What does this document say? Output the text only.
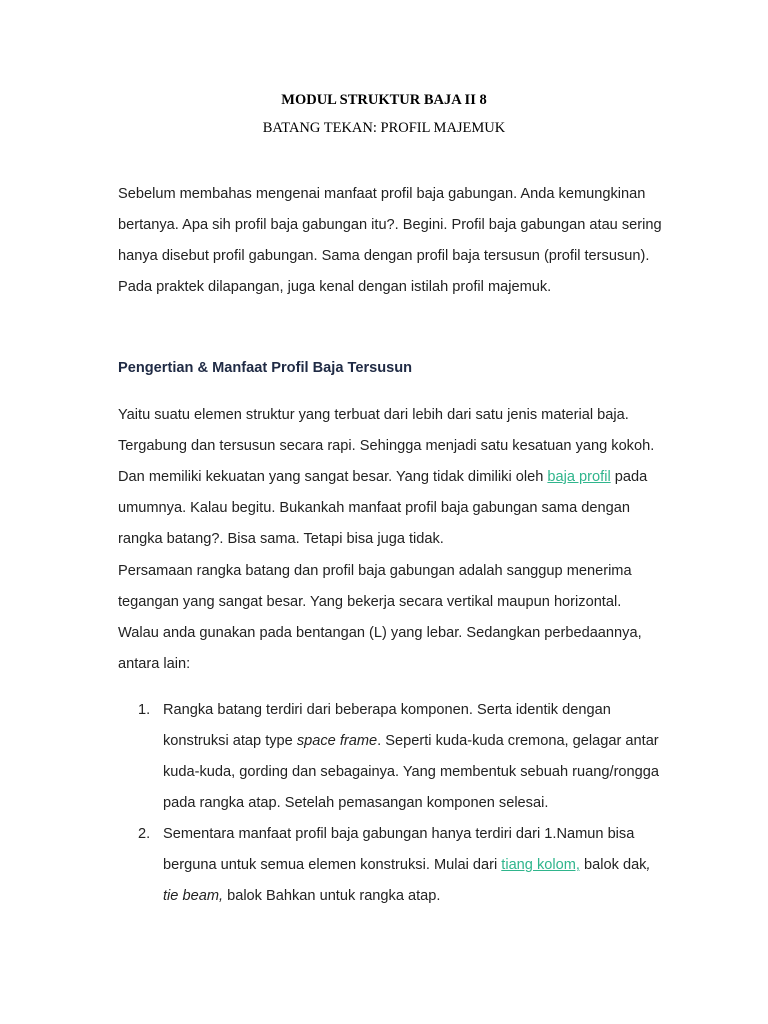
MODUL STRUKTUR BAJA II 8

BATANG TEKAN: PROFIL MAJEMUK

Sebelum membahas mengenai manfaat profil baja gabungan. Anda kemungkinan
bertanya. Apa sih profil baja gabungan itu?. Begini. Profil baja gabungan atau sering
hanya disebut profil gabungan. Sama dengan profil baja tersusun (profil tersusun).
Pada praktek dilapangan, juga kenal dengan istilah profil majemuk.
Pengertian & Manfaat Profil Baja Tersusun
Yaitu suatu elemen struktur yang terbuat dari lebih dari satu jenis material baja.
Tergabung dan tersusun secara rapi. Sehingga menjadi satu kesatuan yang kokoh.
Dan memiliki kekuatan yang sangat besar. Yang tidak dimiliki oleh baja profil pada
umumnya. Kalau begitu. Bukankah manfaat profil baja gabungan sama dengan
rangka batang?. Bisa sama. Tetapi bisa juga tidak.
Persamaan rangka batang dan profil baja gabungan adalah sanggup menerima
tegangan yang sangat besar. Yang bekerja secara vertikal maupun horizontal.
Walau anda gunakan pada bentangan (L) yang lebar. Sedangkan perbedaannya,
antara lain:
1. Rangka batang terdiri dari beberapa komponen. Serta identik dengan
konstruksi atap type space frame. Seperti kuda-kuda cremona, gelagar antar
kuda-kuda, gording dan sebagainya. Yang membentuk sebuah ruang/rongga
pada rangka atap. Setelah pemasangan komponen selesai.
2. Sementara manfaat profil baja gabungan hanya terdiri dari 1.Namun bisa
berguna untuk semua elemen konstruksi. Mulai dari tiang kolom, balok dak,
tie beam, balok Bahkan untuk rangka atap.
